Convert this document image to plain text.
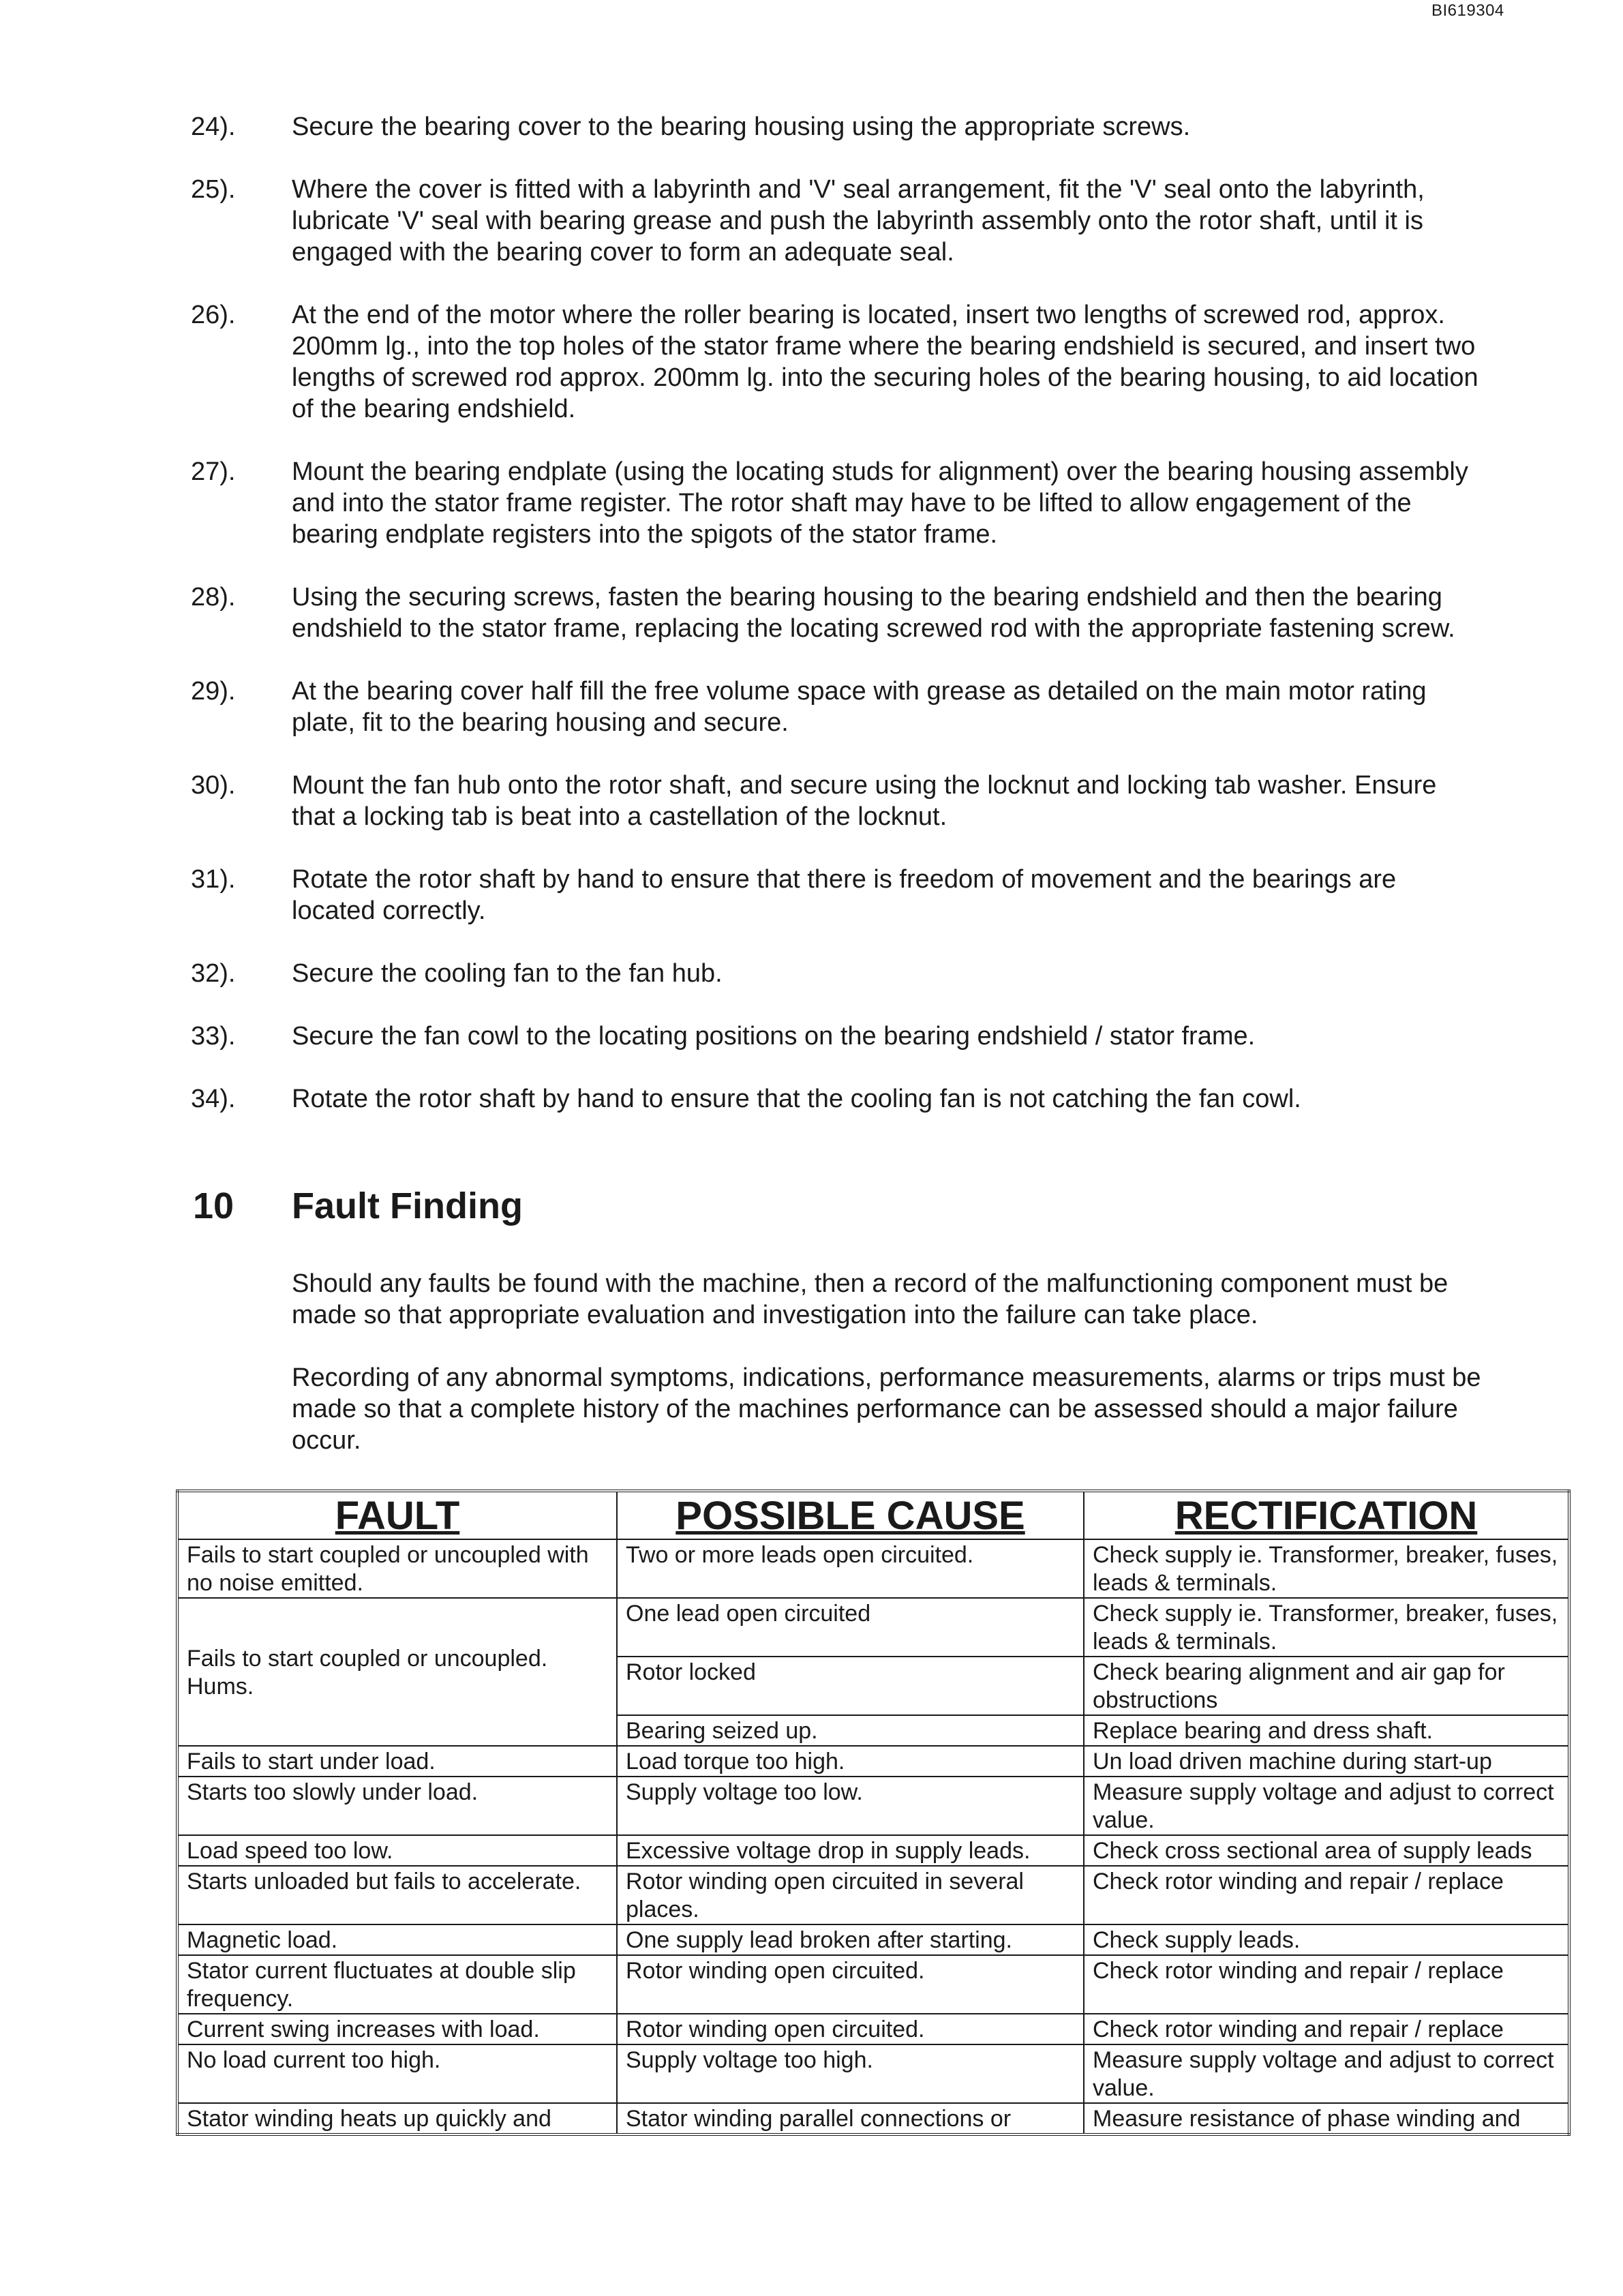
BI619304
24).	Secure the bearing cover to the bearing housing using the appropriate screws.
25).	Where the cover is fitted with a labyrinth and 'V' seal arrangement, fit the 'V' seal onto the labyrinth, lubricate 'V' seal with bearing grease and push the labyrinth assembly onto the rotor shaft, until it is engaged with the bearing cover to form an adequate seal.
26).	At the end of the motor where the roller bearing is located, insert two lengths of screwed rod, approx. 200mm lg., into the top holes of the stator frame where the bearing endshield is secured, and insert two lengths of screwed rod approx. 200mm lg. into the securing holes of the bearing housing, to aid location of the bearing endshield.
27).	Mount the bearing endplate (using the locating studs for alignment) over the bearing housing assembly and into the stator frame register. The rotor shaft may have to be lifted to allow engagement of the bearing endplate registers into the spigots of the stator frame.
28).	Using the securing screws, fasten the bearing housing to the bearing endshield and then the bearing endshield to the stator frame, replacing the locating screwed rod with the appropriate fastening screw.
29).	At the bearing cover half fill the free volume space with grease as detailed on the main motor rating plate, fit to the bearing housing and secure.
30).	Mount the fan hub onto the rotor shaft, and secure using the locknut and locking tab washer. Ensure that a locking tab is beat into a castellation of the locknut.
31).	Rotate the rotor shaft by hand to ensure that there is freedom of movement and the bearings are located correctly.
32).	Secure the cooling fan to the fan hub.
33).	Secure the fan cowl to the locating positions on the bearing endshield / stator frame.
34).	Rotate the rotor shaft by hand to ensure that the cooling fan is not catching the fan cowl.
10	Fault Finding

Should any faults be found with the machine, then a record of the malfunctioning component must be made so that appropriate evaluation and investigation into the failure can take place.

Recording of any abnormal symptoms, indications, performance measurements, alarms or trips must be made so that a complete history of the machines performance can be assessed should a major failure occur.

FAULT	POSSIBLE CAUSE	RECTIFICATION
Fails to start coupled or uncoupled with no noise emitted.	Two or more leads open circuited.	Check supply ie. Transformer, breaker, fuses, leads & terminals.
Fails to start coupled or uncoupled. Hums.	One lead open circuited	Check supply ie. Transformer, breaker, fuses, leads & terminals.
	Rotor locked	Check bearing alignment and air gap for obstructions
	Bearing seized up.	Replace bearing and dress shaft.
Fails to start under load.	Load torque too high.	Un load driven machine during start-up
Starts too slowly under load.	Supply voltage too low.	Measure supply voltage and adjust to correct value.
Load speed too low.	Excessive voltage drop in supply leads.	Check cross sectional area of supply leads
Starts unloaded but fails to accelerate.	Rotor winding open circuited in several places.	Check rotor winding and repair / replace
Magnetic load.	One supply lead broken after starting.	Check supply leads.
Stator current fluctuates at double slip frequency.	Rotor winding open circuited.	Check rotor winding and repair / replace
Current swing increases with load.	Rotor winding open circuited.	Check rotor winding and repair / replace
No load current too high.	Supply voltage too high.	Measure supply voltage and adjust to correct value.
Stator winding heats up quickly and	Stator winding parallel connections or	Measure resistance of phase winding and
